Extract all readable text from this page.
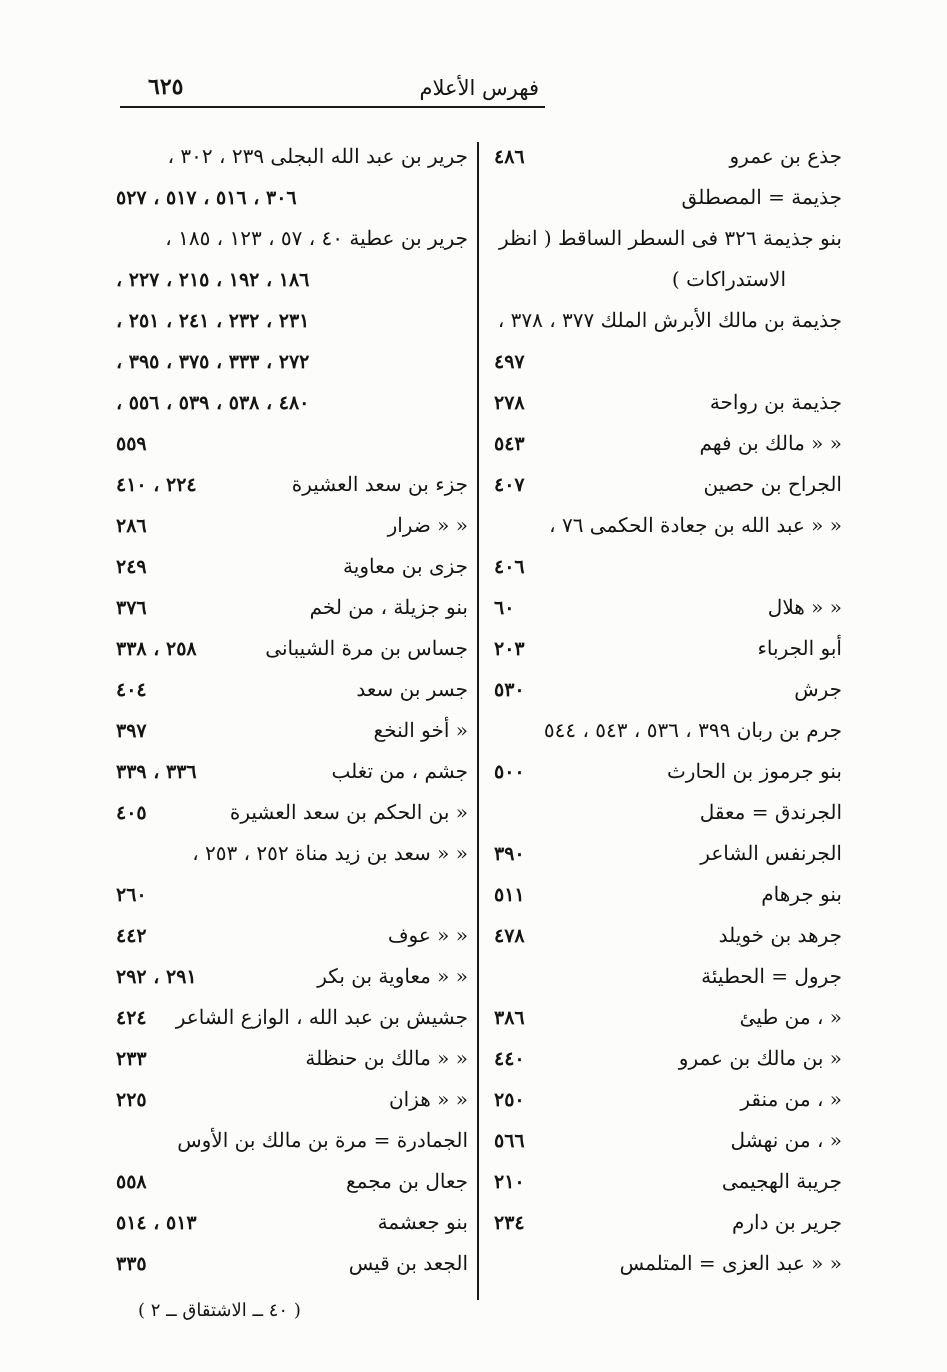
٦٢٥	فهرس الأعلام
جذع بن عمرو
٤٨٦
جذيمة = المصطلق
بنو جذيمة ٣٢٦ فى السطر الساقط ( انظر
الاستدراكات )
جذيمة بن مالك الأبرش الملك ٣٧٧ ، ٣٧٨ ،
٤٩٧
جذيمة بن رواحة
٢٧٨
« « مالك بن فهم
٥٤٣
الجراح بن حصين
٤٠٧
« « عبد الله بن جعادة الحكمى ٧٦ ،
٤٠٦
« « هلال
٦٠
أبو الجرباء
٢٠٣
جرش
٥٣٠
جرم بن ربان ٣٩٩ ، ٥٣٦ ، ٥٤٣ ، ٥٤٤
بنو جرموز بن الحارث
٥٠٠
الجرندق = معقل
الجرنفس الشاعر
٣٩٠
بنو جرهام
٥١١
جرهد بن خويلد
٤٧٨
جرول = الحطيئة
« ، من طيئ
٣٨٦
« بن مالك بن عمرو
٤٤٠
« ، من منقر
٢٥٠
« ، من نهشل
٥٦٦
جريبة الهجيمى
٢١٠
جرير بن دارم
٢٣٤
« « عبد العزى = المتلمس
جرير بن عبد الله البجلى ٢٣٩ ، ٣٠٢ ،
٣٠٦ ، ٥١٦ ، ٥١٧ ، ٥٢٧
جرير بن عطية ٤٠ ، ٥٧ ، ١٢٣ ، ١٨٥ ،
١٨٦ ، ١٩٢ ، ٢١٥ ، ٢٢٧ ،
٢٣١ ، ٢٣٢ ، ٢٤١ ، ٢٥١ ،
٢٧٢ ، ٣٣٣ ، ٣٧٥ ، ٣٩٥ ،
٤٨٠ ، ٥٣٨ ، ٥٣٩ ، ٥٥٦ ،
٥٥٩
جزء بن سعد العشيرة
٢٢٤ ، ٤١٠
« « ضرار
٢٨٦
جزى بن معاوية
٢٤٩
بنو جزيلة ، من لخم
٣٧٦
جساس بن مرة الشيبانى
٢٥٨ ، ٣٣٨
جسر بن سعد
٤٠٤
« أخو النخع
٣٩٧
جشم ، من تغلب
٣٣٦ ، ٣٣٩
« بن الحكم بن سعد العشيرة
٤٠٥
« « سعد بن زيد مناة ٢٥٢ ، ٢٥٣ ،
٢٦٠
« « عوف
٤٤٢
« « معاوية بن بكر
٢٩١ ، ٢٩٢
جشيش بن عبد الله ، الوازع الشاعر
٤٢٤
« « مالك بن حنظلة
٢٣٣
« « هزان
٢٢٥
الجمادرة = مرة بن مالك بن الأوس
جعال بن مجمع
٥٥٨
بنو جعشمة
٥١٣ ، ٥١٤
الجعد بن قيس
٣٣٥
( ٤٠ ــ الاشتقاق ــ ٢ )
